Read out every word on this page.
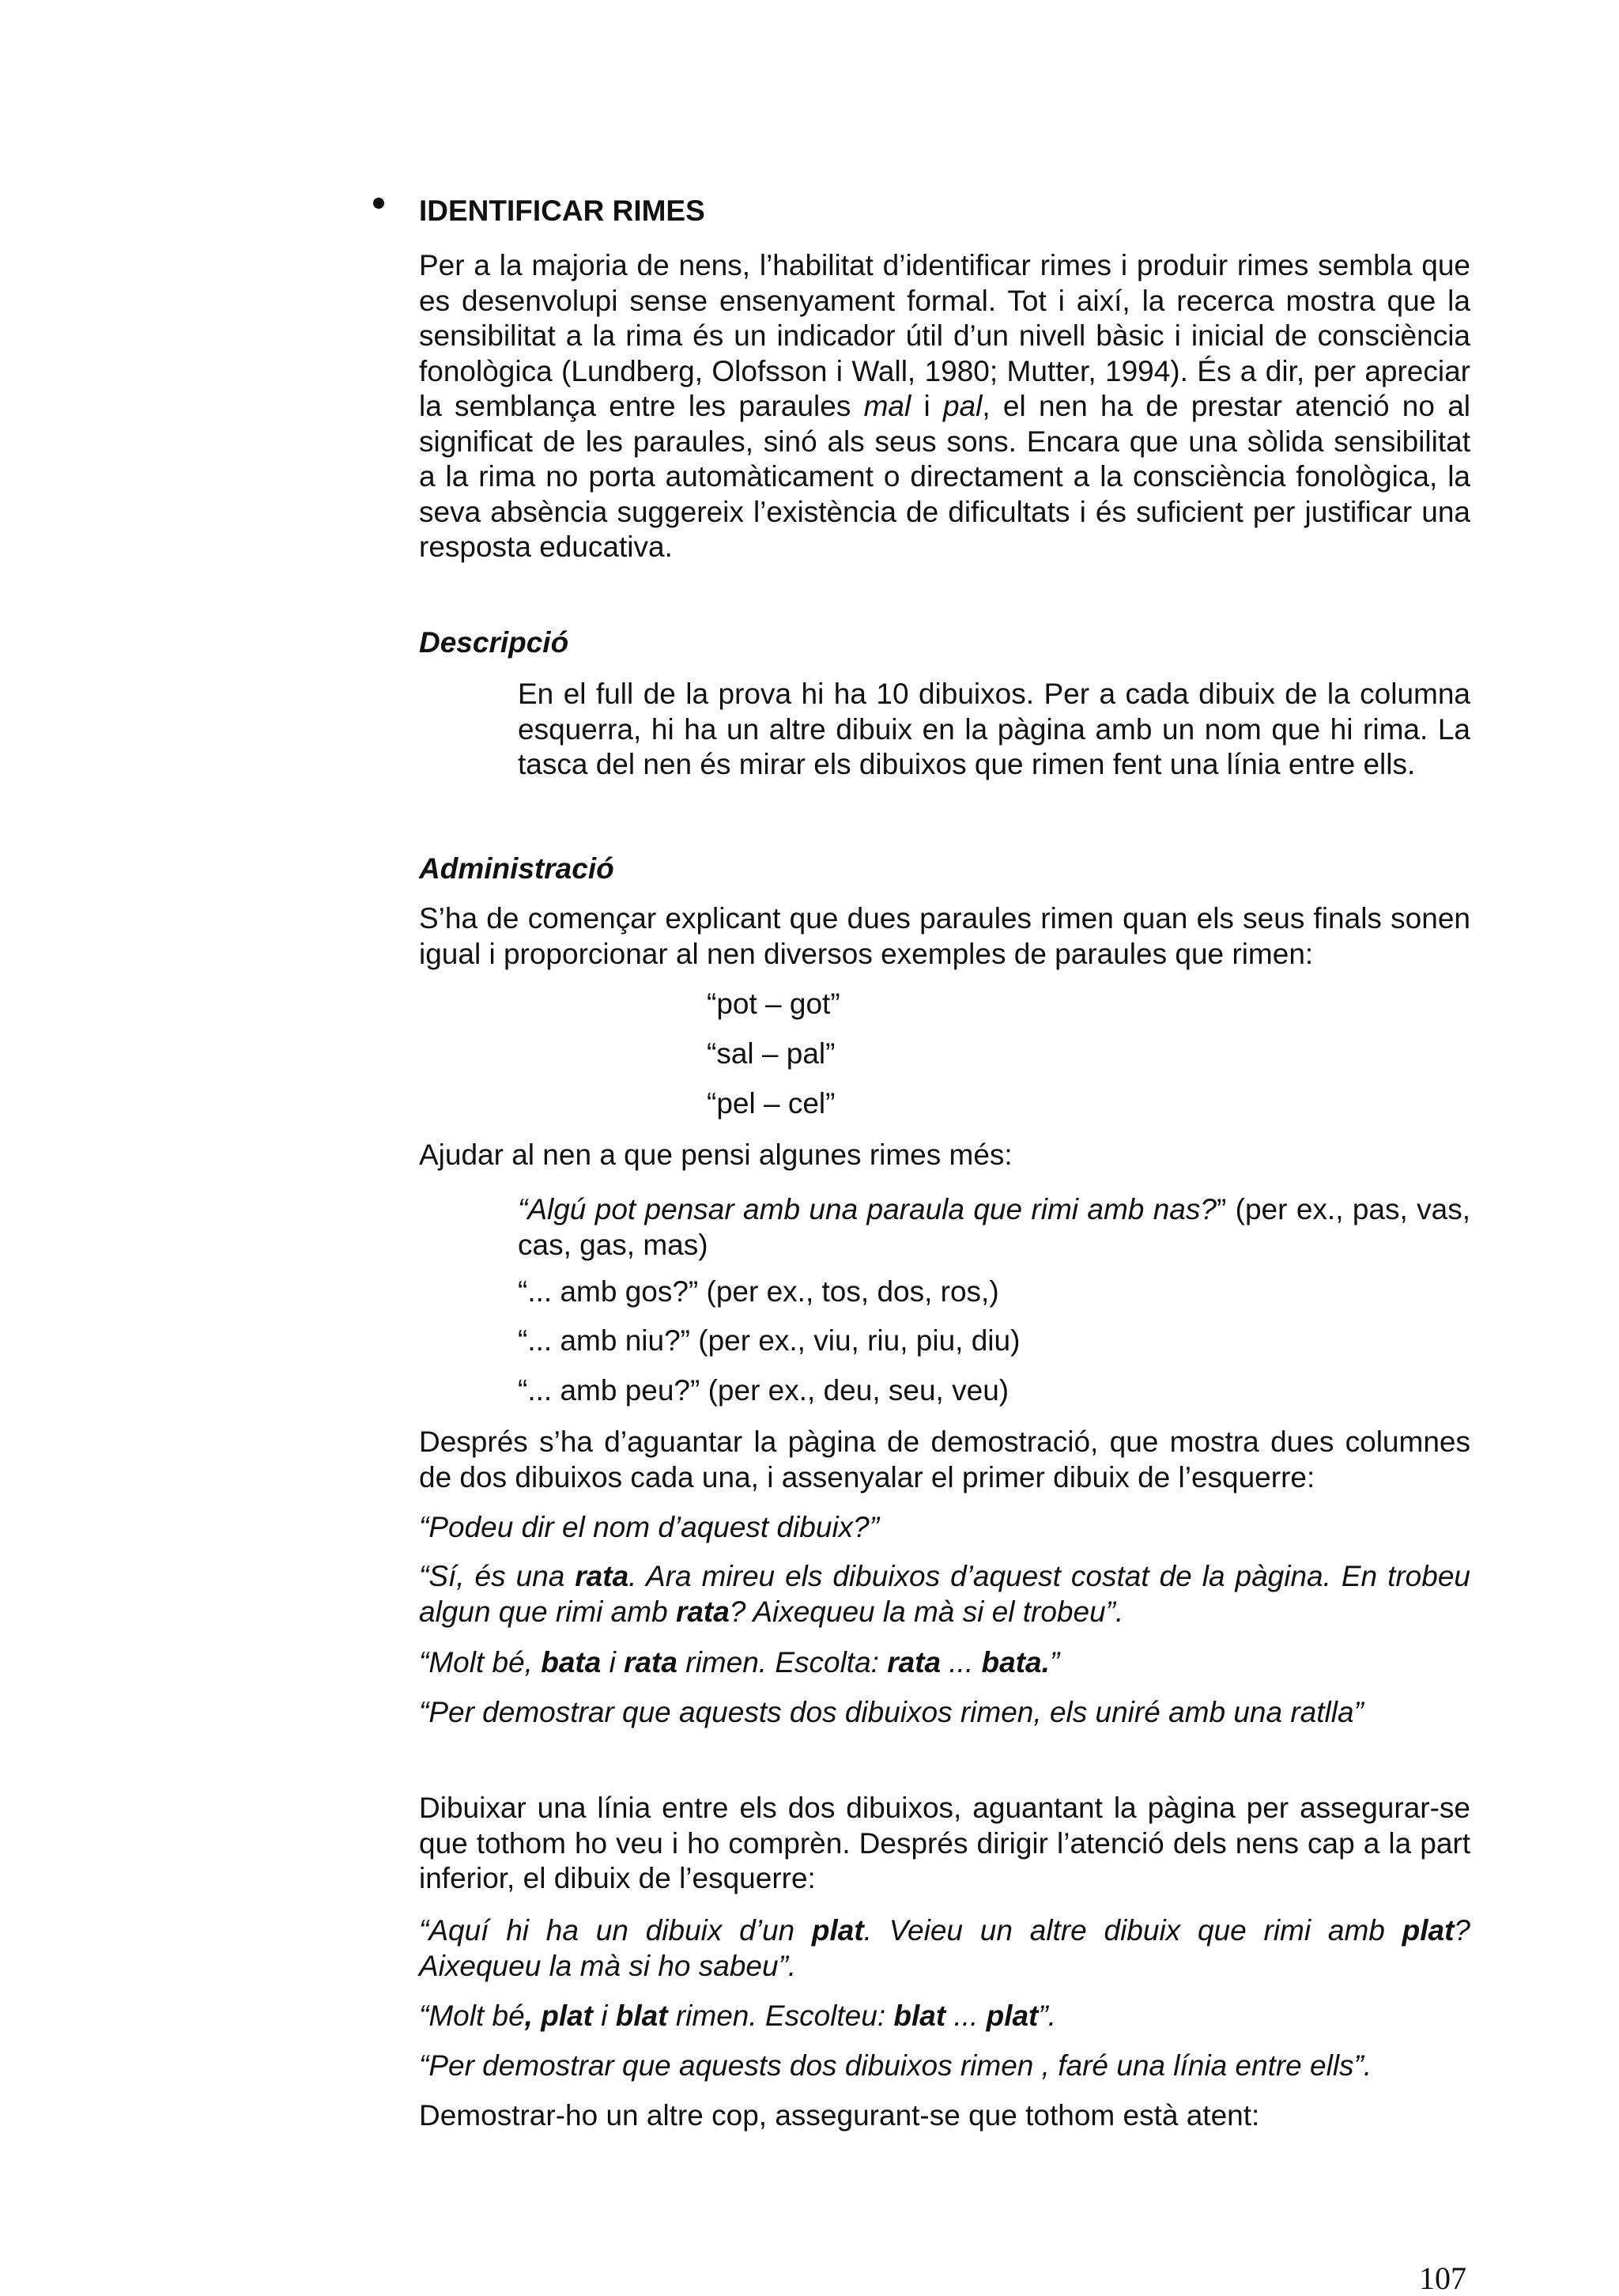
IDENTIFICAR RIMES

Per a la majoria de nens, l’habilitat d’identificar rimes i produir rimes sembla que es desenvolupi sense ensenyament formal. Tot i així, la recerca mostra que la sensibilitat a la rima és un indicador útil d’un nivell bàsic i inicial de consciència fonològica (Lundberg, Olofsson i Wall, 1980; Mutter, 1994). És a dir, per apreciar la semblança entre les paraules mal i pal, el nen ha de prestar atenció no al significat de les paraules, sinó als seus sons. Encara que una sòlida sensibilitat a la rima no porta automàticament o directament a la consciència fonològica, la seva absència suggereix l’existència de dificultats i és suficient per justificar una resposta educativa.

Descripció

En el full de la prova hi ha 10 dibuixos. Per a cada dibuix de la columna esquerra, hi ha un altre dibuix en la pàgina amb un nom que hi rima. La tasca del nen és mirar els dibuixos que rimen fent una línia entre ells.

Administració

S’ha de començar explicant que dues paraules rimen quan els seus finals sonen igual i proporcionar al nen diversos exemples de paraules que rimen:

“pot – got”

“sal – pal”

“pel – cel”

Ajudar al nen a que pensi algunes rimes més:

“Algú pot pensar amb una paraula que rimi amb nas?” (per ex., pas, vas, cas, gas, mas)

“... amb gos?” (per ex., tos, dos, ros,)

“... amb niu?” (per ex., viu, riu, piu, diu)

“... amb peu?” (per ex., deu, seu, veu)

Després s’ha d’aguantar la pàgina de demostració, que mostra dues columnes de dos dibuixos cada una, i assenyalar el primer dibuix de l’esquerre:

“Podeu dir el nom d’aquest dibuix?”

“Sí, és una rata. Ara mireu els dibuixos d’aquest costat de la pàgina. En trobeu algun que rimi amb rata? Aixequeu la mà si el trobeu”.

“Molt bé, bata i rata rimen. Escolta: rata ... bata.”

“Per demostrar que aquests dos dibuixos rimen, els uniré amb una ratlla”

Dibuixar una línia entre els dos dibuixos, aguantant la pàgina per assegurar-se que tothom ho veu i ho comprèn. Després dirigir l’atenció dels nens cap a la part inferior, el dibuix de l’esquerre:

“Aquí hi ha un dibuix d’un plat. Veieu un altre dibuix que rimi amb plat? Aixequeu la mà si ho sabeu”.

“Molt bé, plat i blat rimen. Escolteu: blat ... plat”.

“Per demostrar que aquests dos dibuixos rimen , faré una línia entre ells”.

Demostrar-ho un altre cop, assegurant-se que tothom està atent:

107
